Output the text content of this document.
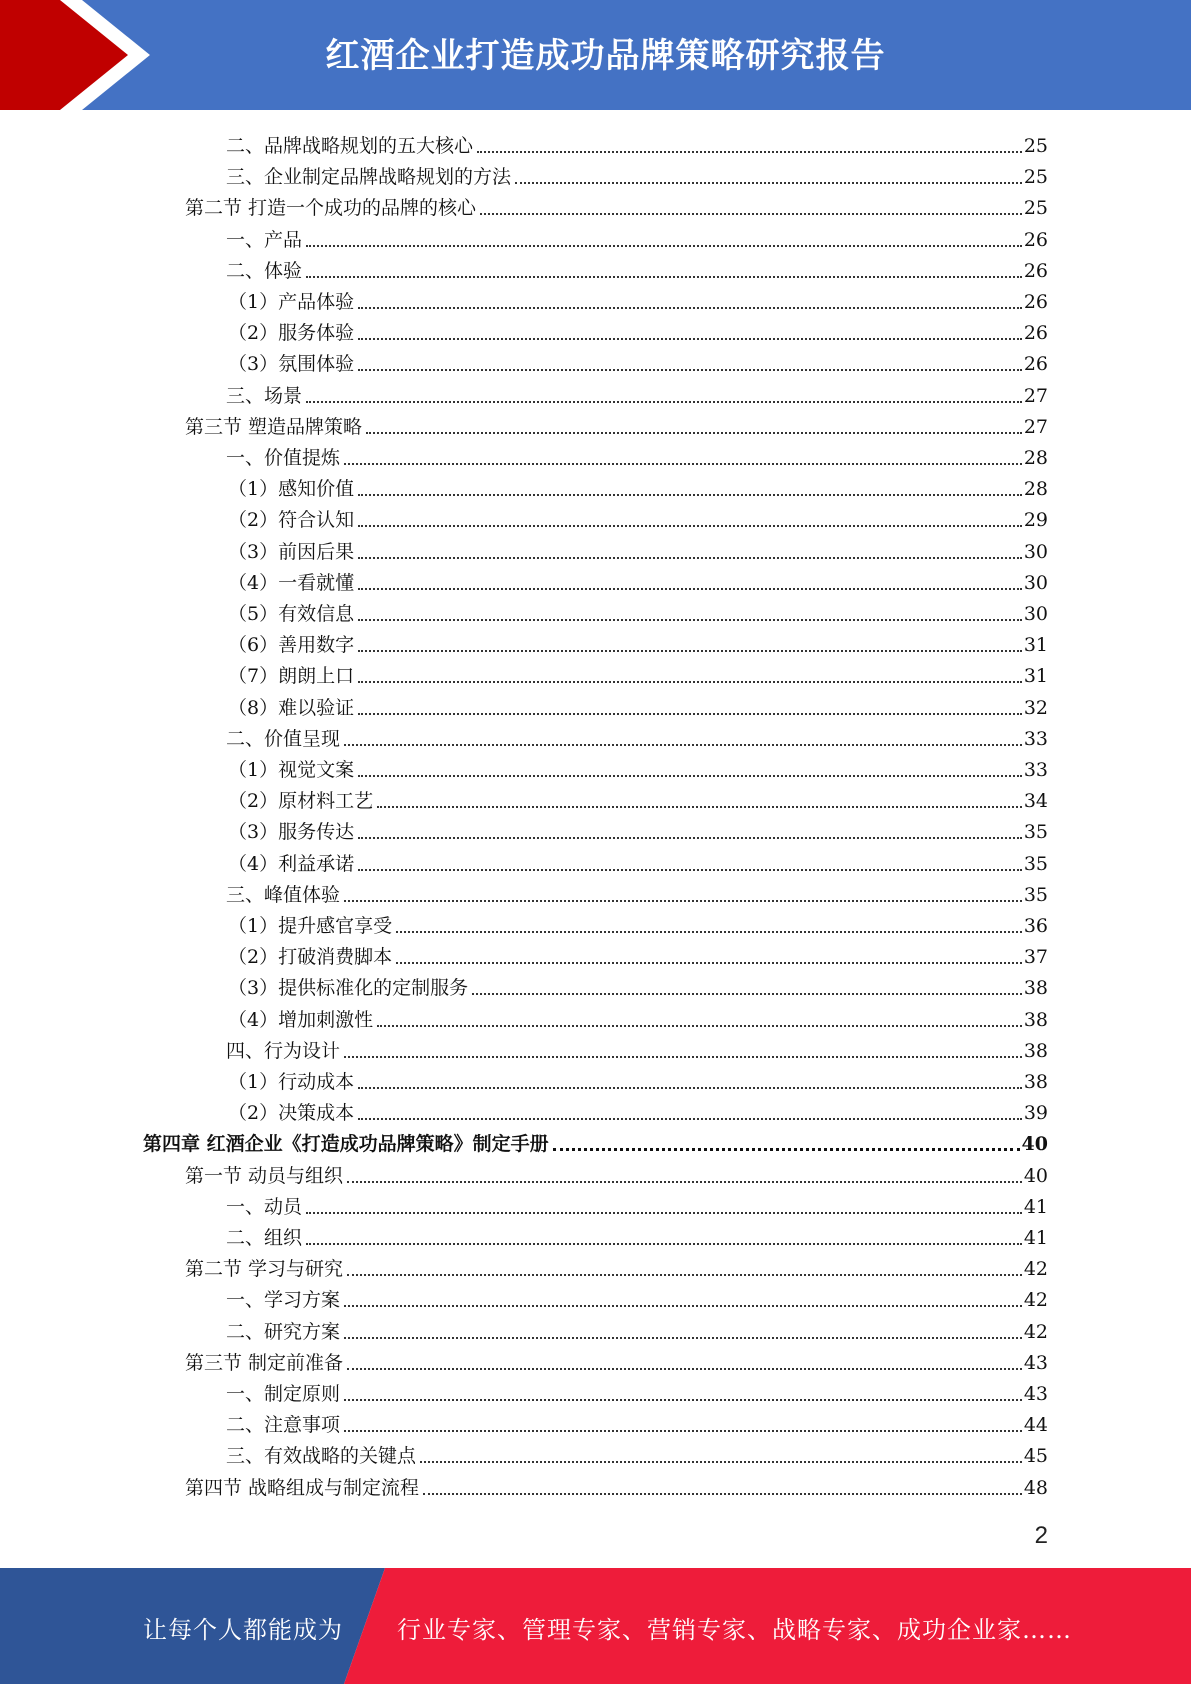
红酒企业打造成功品牌策略研究报告
二、品牌战略规划的五大核心	25
三、企业制定品牌战略规划的方法	25
第二节 打造一个成功的品牌的核心	25
一、产品	26
二、体验	26
（1）产品体验	26
（2）服务体验	26
（3）氛围体验	26
三、场景	27
第三节 塑造品牌策略	27
一、价值提炼	28
（1）感知价值	28
（2）符合认知	29
（3）前因后果	30
（4）一看就懂	30
（5）有效信息	30
（6）善用数字	31
（7）朗朗上口	31
（8）难以验证	32
二、价值呈现	33
（1）视觉文案	33
（2）原材料工艺	34
（3）服务传达	35
（4）利益承诺	35
三、峰值体验	35
（1）提升感官享受	36
（2）打破消费脚本	37
（3）提供标准化的定制服务	38
（4）增加刺激性	38
四、行为设计	38
（1）行动成本	38
（2）决策成本	39
第四章 红酒企业《打造成功品牌策略》制定手册	40
第一节 动员与组织	40
一、动员	41
二、组织	41
第二节 学习与研究	42
一、学习方案	42
二、研究方案	42
第三节 制定前准备	43
一、制定原则	43
二、注意事项	44
三、有效战略的关键点	45
第四节 战略组成与制定流程	48
2
让每个人都能成为 行业专家、管理专家、营销专家、战略专家、成功企业家……
